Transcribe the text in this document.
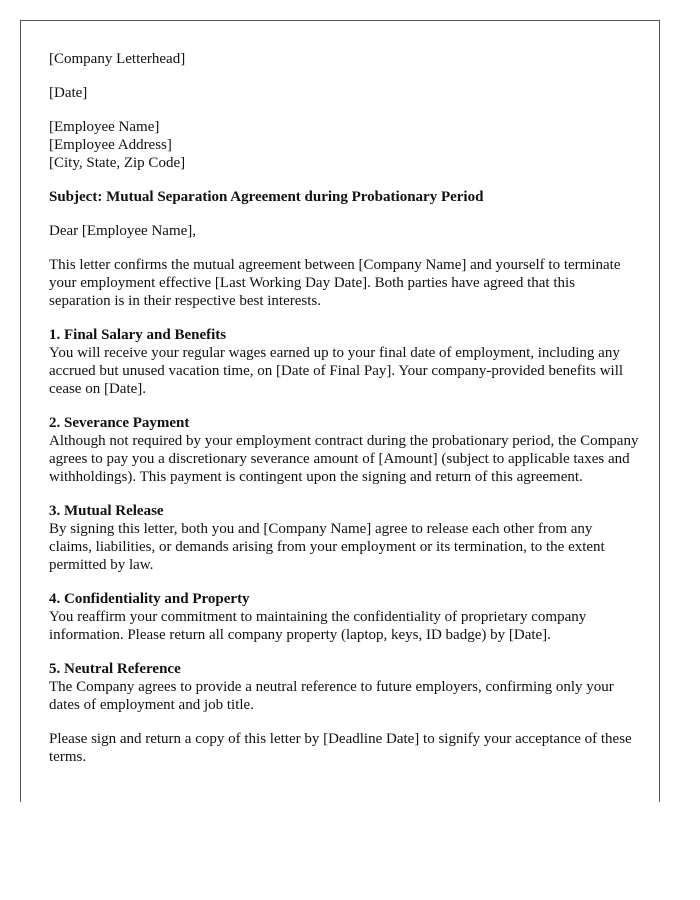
[Company Letterhead]

[Date]

[Employee Name]
[Employee Address]
[City, State, Zip Code]

Subject: Mutual Separation Agreement during Probationary Period

Dear [Employee Name],

This letter confirms the mutual agreement between [Company Name] and yourself to terminate your employment effective [Last Working Day Date]. Both parties have agreed that this separation is in their respective best interests.

1. Final Salary and Benefits
You will receive your regular wages earned up to your final date of employment, including any accrued but unused vacation time, on [Date of Final Pay]. Your company-provided benefits will cease on [Date].
2. Severance Payment
Although not required by your employment contract during the probationary period, the Company agrees to pay you a discretionary severance amount of [Amount] (subject to applicable taxes and withholdings). This payment is contingent upon the signing and return of this agreement.
3. Mutual Release
By signing this letter, both you and [Company Name] agree to release each other from any claims, liabilities, or demands arising from your employment or its termination, to the extent permitted by law.
4. Confidentiality and Property
You reaffirm your commitment to maintaining the confidentiality of proprietary company information. Please return all company property (laptop, keys, ID badge) by [Date].
5. Neutral Reference
The Company agrees to provide a neutral reference to future employers, confirming only your dates of employment and job title.

Please sign and return a copy of this letter by [Deadline Date] to signify your acceptance of these terms.
